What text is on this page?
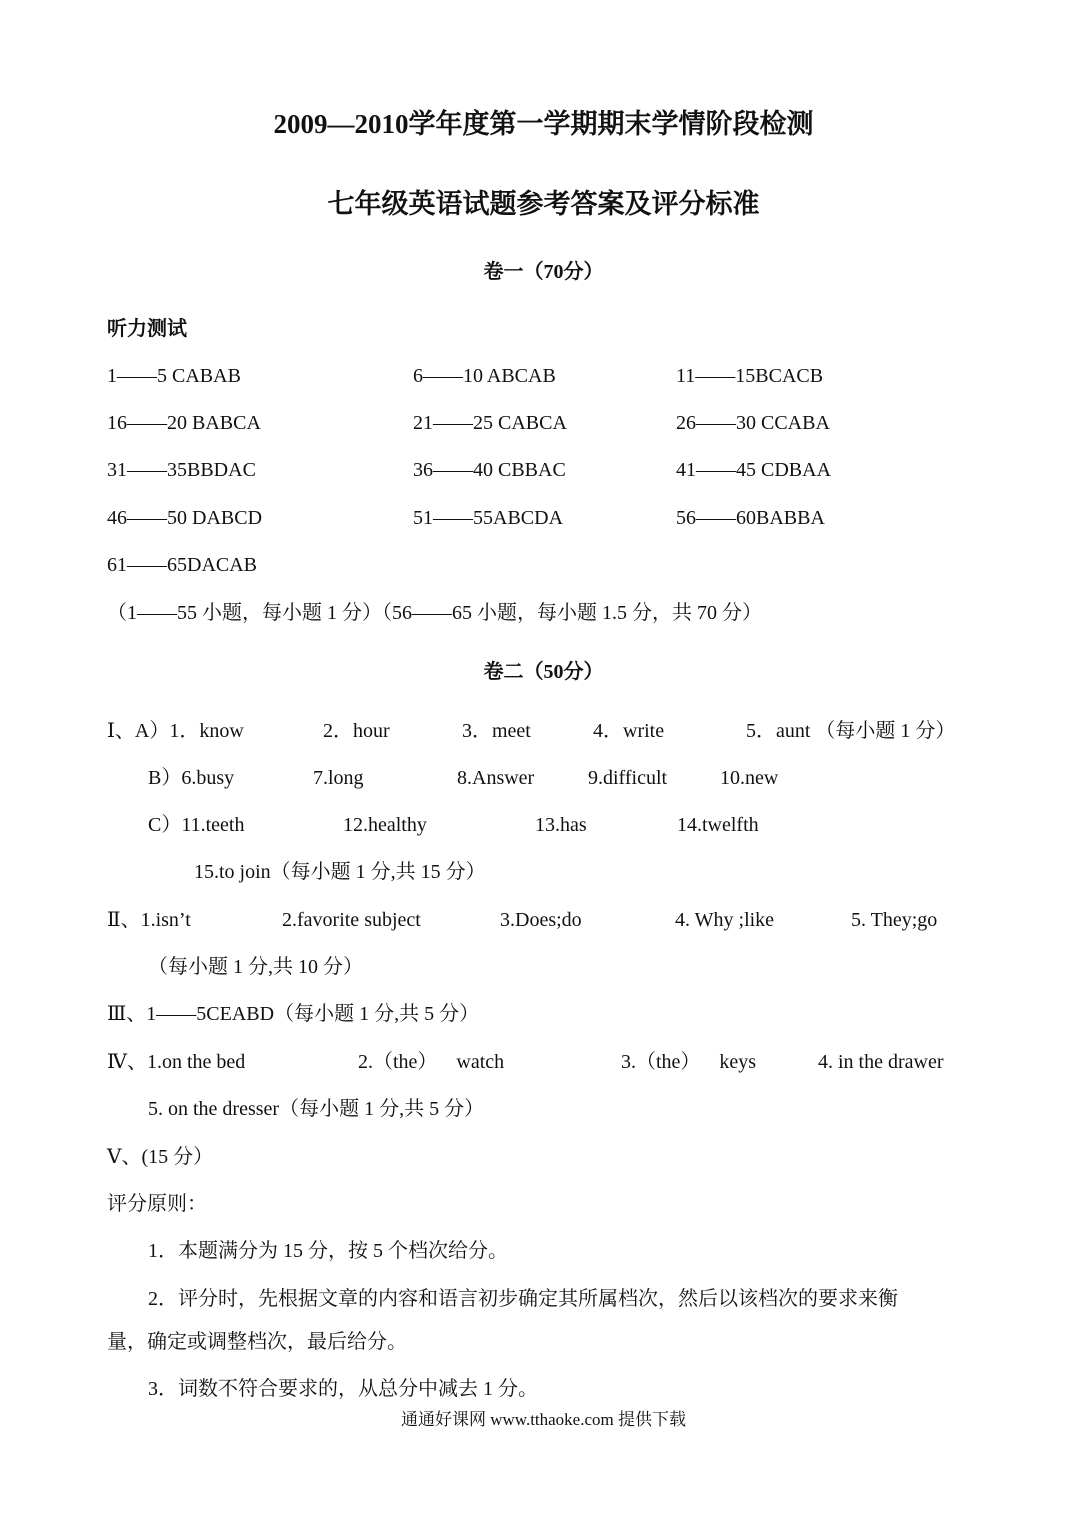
2009—2010学年度第一学期期末学情阶段检测
七年级英语试题参考答案及评分标准
卷一（70分）
听力测试
1——5 CABAB	6——10 ABCAB	11——15BCACB
16——20 BABCA	21——25 CABCA	26——30 CCABA
31——35BBDAC	36——40 CBBAC	41——45 CDBAA
46——50 DABCD	51——55ABCDA	56——60BABBA
61——65DACAB
（1——55 小题，每小题 1 分）（56——65 小题，每小题 1.5 分，共 70 分）
卷二（50分）
Ⅰ、A）1．know	2．hour	3．meet	4．write	5．aunt （每小题 1 分）
B）6.busy	7.long	8.Answer	9.difficult	10.new
C）11.teeth	12.healthy	13.has	14.twelfth
15.to join（每小题 1 分,共 15 分）
Ⅱ、1.isn’t	2.favorite subject	3.Does;do	4. Why ;like	5. They;go
（每小题 1 分,共 10 分）
Ⅲ、1——5CEABD（每小题 1 分,共 5 分）
Ⅳ、1.on the bed	2.（the） watch	3.（the） keys	4. in the drawer
5. on the dresser（每小题 1 分,共 5 分）
Ⅴ、(15 分）
评分原则：
1．本题满分为 15 分，按 5 个档次给分。
2．评分时，先根据文章的内容和语言初步确定其所属档次，然后以该档次的要求来衡
量，确定或调整档次，最后给分。
3．词数不符合要求的，从总分中减去 1 分。
通通好课网 www.tthaoke.com 提供下载
